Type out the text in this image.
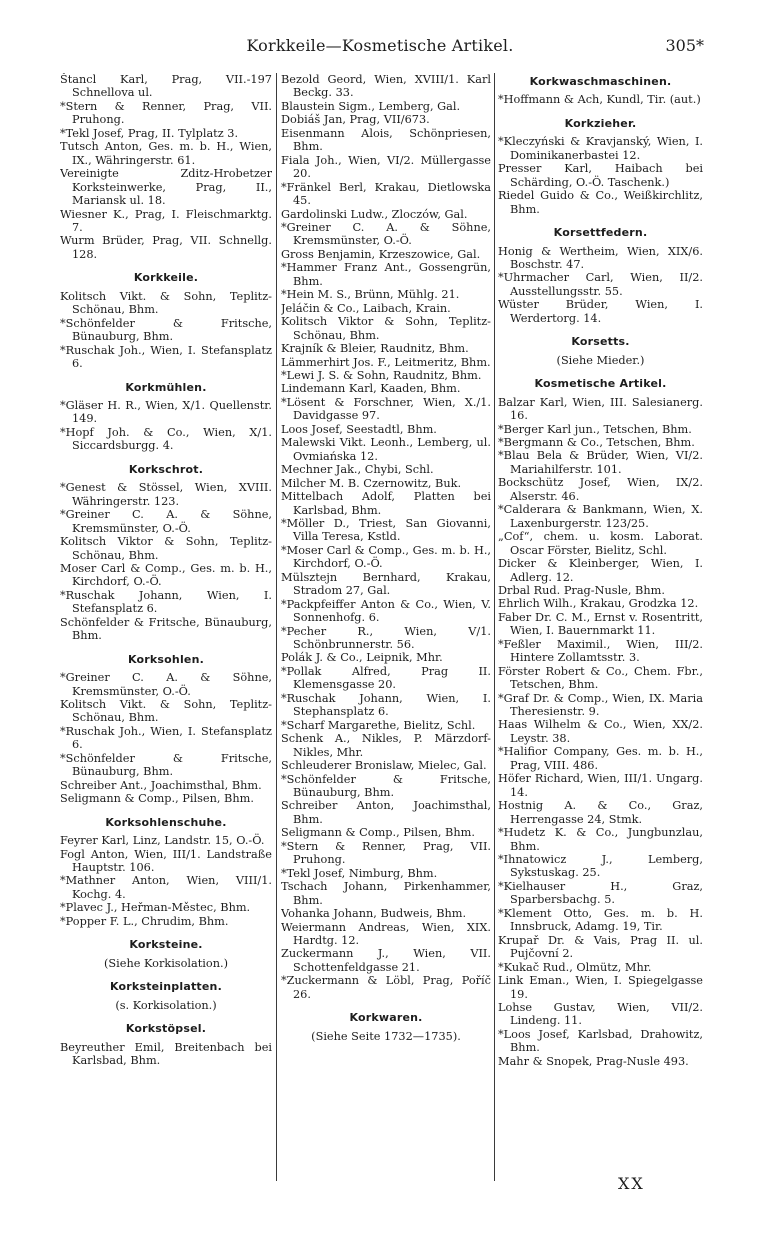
Korkkeile—Kosmetische Artikel.	305*

Štancl Karl, Prag, VII.-197 Schnellova ul.

*Stern & Renner, Prag, VII. Pruhong.

*Tekl Josef, Prag, II. Tylplatz 3.

Tutsch Anton, Ges. m. b. H., Wien, IX., Währingerstr. 61.

Vereinigte Zditz-Hrobetzer Korksteinwerke, Prag, II., Mariansk ul. 18.

Wiesner K., Prag, I. Fleischmarktg. 7.

Wurm Brüder, Prag, VII. Schnellg. 128.

Korkkeile.

Kolitsch Vikt. & Sohn, Teplitz-Schönau, Bhm.

*Schönfelder & Fritsche, Bünauburg, Bhm.

*Ruschak Joh., Wien, I. Stefansplatz 6.

Korkmühlen.

*Gläser H. R., Wien, X/1. Quellenstr. 149.

*Hopf Joh. & Co., Wien, X/1. Siccardsburgg. 4.

Korkschrot.

*Genest & Stössel, Wien, XVIII. Währingerstr. 123.

*Greiner C. A. & Söhne, Kremsmünster, O.-Ö.

Kolitsch Viktor & Sohn, Teplitz-Schönau, Bhm.

Moser Carl & Comp., Ges. m. b. H., Kirchdorf, O.-Ö.

*Ruschak Johann, Wien, I. Stefansplatz 6.

Schönfelder & Fritsche, Bünauburg, Bhm.

Korksohlen.

*Greiner C. A. & Söhne, Kremsmünster, O.-Ö.

Kolitsch Vikt. & Sohn, Teplitz-Schönau, Bhm.

*Ruschak Joh., Wien, I. Stefansplatz 6.

*Schönfelder & Fritsche, Bünauburg, Bhm.

Schreiber Ant., Joachimsthal, Bhm.

Seligmann & Comp., Pilsen, Bhm.

Korksohlenschuhe.

Feyrer Karl, Linz, Landstr. 15, O.-Ö.

Fogl Anton, Wien, III/1. Landstraße Hauptstr. 106.

*Mathner Anton, Wien, VIII/1. Kochg. 4.

*Plavec J., Heřman-Městec, Bhm.

*Popper F. L., Chrudim, Bhm.

Korksteine.

(Siehe Korkisolation.)

Korksteinplatten.

(s. Korkisolation.)

Korkstöpsel.

Beyreuther Emil, Breitenbach bei Karlsbad, Bhm.

Bezold Geord, Wien, XVIII/1. Karl Beckg. 33.

Blaustein Sigm., Lemberg, Gal.

Dobiáš Jan, Prag, VII/673.

Eisenmann Alois, Schönpriesen, Bhm.

Fiala Joh., Wien, VI/2. Müllergasse 20.

*Fränkel Berl, Krakau, Dietlowska 45.

Gardolinski Ludw., Zloczów, Gal.

*Greiner C. A. & Söhne, Kremsmünster, O.-Ö.

Gross Benjamin, Krzeszowice, Gal.

*Hammer Franz Ant., Gossengrün, Bhm.

*Hein M. S., Brünn, Mühlg. 21.

Jeláčin & Co., Laibach, Krain.

Kolitsch Viktor & Sohn, Teplitz-Schönau, Bhm.

Krajník & Bleier, Raudnitz, Bhm.

Lämmerhirt Jos. F., Leitmeritz, Bhm.

*Lewi J. S. & Sohn, Raudnitz, Bhm.

Lindemann Karl, Kaaden, Bhm.

*Lösent & Forschner, Wien, X./1. Davidgasse 97.

Loos Josef, Seestadtl, Bhm.

Malewski Vikt. Leonh., Lemberg, ul. Ovmiańska 12.

Mechner Jak., Chybi, Schl.

Milcher M. B. Czernowitz, Buk.

Mittelbach Adolf, Platten bei Karlsbad, Bhm.

*Möller D., Triest, San Giovanni, Villa Teresa, Kstld.

*Moser Carl & Comp., Ges. m. b. H., Kirchdorf, O.-Ö.

Mülsztejn Bernhard, Krakau, Stradom 27, Gal.

*Packpfeiffer Anton & Co., Wien, V. Sonnenhofg. 6.

*Pecher R., Wien, V/1. Schönbrunnerstr. 56.

Polák J. & Co., Leipnik, Mhr.

*Pollak Alfred, Prag II. Klemensgasse 20.

*Ruschak Johann, Wien, I. Stephansplatz 6.

*Scharf Margarethe, Bielitz, Schl.

Schenk A., Nikles, P. Märzdorf-Nikles, Mhr.

Schleuderer Bronislaw, Mielec, Gal.

*Schönfelder & Fritsche, Bünauburg, Bhm.

Schreiber Anton, Joachimsthal, Bhm.

Seligmann & Comp., Pilsen, Bhm.

*Stern & Renner, Prag, VII. Pruhong.

*Tekl Josef, Nimburg, Bhm.

Tschach Johann, Pirkenhammer, Bhm.

Vohanka Johann, Budweis, Bhm.

Weiermann Andreas, Wien, XIX. Hardtg. 12.

Zuckermann J., Wien, VII. Schottenfeldgasse 21.

*Zuckermann & Löbl, Prag, Poříč 26.

Korkwaren.

(Siehe Seite 1732—1735).

Korkwaschmaschinen.

*Hoffmann & Ach, Kundl, Tir. (aut.)

Korkzieher.

*Kleczyński & Kravjanský, Wien, I. Dominikanerbastei 12.

Presser Karl, Haibach bei Schärding, O.-Ö. Taschenk.)

Riedel Guido & Co., Weißkirchlitz, Bhm.

Korsettfedern.

Honig & Wertheim, Wien, XIX/6. Boschstr. 47.

*Uhrmacher Carl, Wien, II/2. Ausstellungsstr. 55.

Wüster Brüder, Wien, I. Werdertorg. 14.

Korsetts.

(Siehe Mieder.)

Kosmetische Artikel.

Balzar Karl, Wien, III. Salesianerg. 16.

*Berger Karl jun., Tetschen, Bhm.

*Bergmann & Co., Tetschen, Bhm.

*Blau Bela & Brüder, Wien, VI/2. Mariahilferstr. 101.

Bockschütz Josef, Wien, IX/2. Alserstr. 46.

*Calderara & Bankmann, Wien, X. Laxenburgerstr. 123/25.

„Cof“, chem. u. kosm. Laborat. Oscar Förster, Bielitz, Schl.

Dicker & Kleinberger, Wien, I. Adlerg. 12.

Drbal Rud. Prag-Nusle, Bhm.

Ehrlich Wilh., Krakau, Grodzka 12.

Faber Dr. C. M., Ernst v. Rosentritt, Wien, I. Bauernmarkt 11.

*Feßler Maximil., Wien, III/2. Hintere Zollamtsstr. 3.

Förster Robert & Co., Chem. Fbr., Tetschen, Bhm.

*Graf Dr. & Comp., Wien, IX. Maria Theresienstr. 9.

Haas Wilhelm & Co., Wien, XX/2. Leystr. 38.

*Halifior Company, Ges. m. b. H., Prag, VIII. 486.

Höfer Richard, Wien, III/1. Ungarg. 14.

Hostnig A. & Co., Graz, Herrengasse 24, Stmk.

*Hudetz K. & Co., Jungbunzlau, Bhm.

*Ihnatowicz J., Lemberg, Sykstuskag. 25.

*Kielhauser H., Graz, Sparbersbachg. 5.

*Klement Otto, Ges. m. b. H. Innsbruck, Adamg. 19, Tir.

Krupař Dr. & Vais, Prag II. ul. Pujčovní 2.

*Kukač Rud., Olmütz, Mhr.

Link Eman., Wien, I. Spiegelgasse 19.

Lohse Gustav, Wien, VII/2. Lindeng. 11.

*Loos Josef, Karlsbad, Drahowitz, Bhm.

Mahr & Snopek, Prag-Nusle 493.

XX
